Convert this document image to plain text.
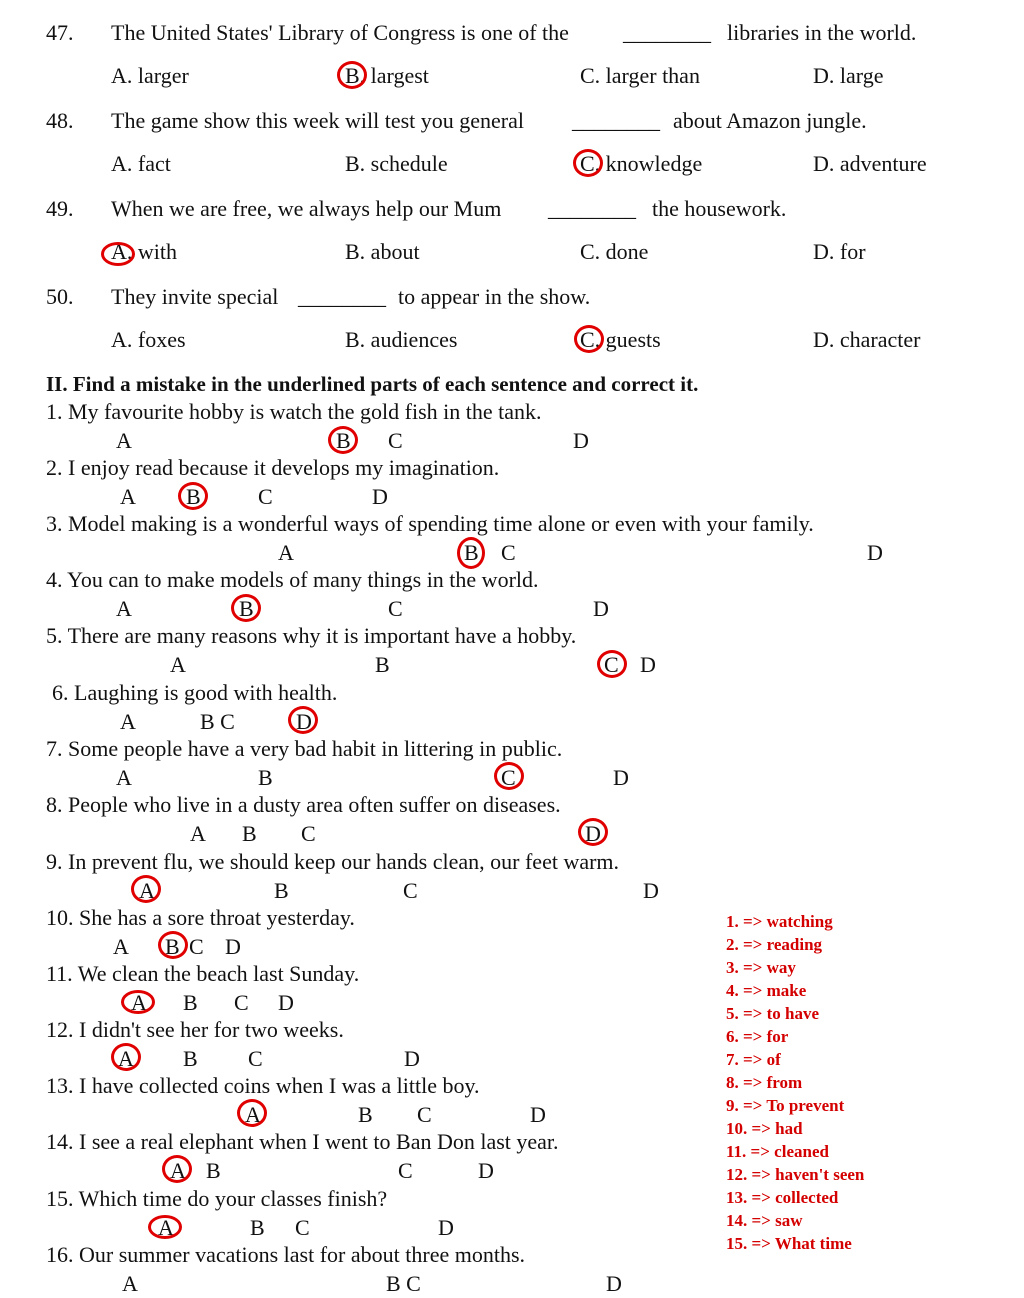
47. The United States' Library of Congress is one of the ________ libraries in the world.
A. larger	B. largest	C. larger than	D. large
48. The game show this week will test you general ________ about Amazon jungle.
A. fact	B. schedule	C. knowledge	D. adventure
49. When we are free, we always help our Mum ________ the housework.
A. with	B. about	C. done	D. for
50. They invite special ________ to appear in the show.
A. foxes	B. audiences	C. guests	D. character
II. Find a mistake in the underlined parts of each sentence and correct it.
1. My favourite hobby is watch the gold fish in the tank.
A	B C	D
2. I enjoy read because it develops my imagination.
A B	C	D
3. Model making is a wonderful ways of spending time alone or even with your family.
A	B C	D
4. You can to make models of many things in the world.
A	B	C	D
5. There are many reasons why it is important have a hobby.
A	B	C D
6. Laughing is good with health.
A	B C	D
7. Some people have a very bad habit in littering in public.
A	B	C	D
8. People who live in a dusty area often suffer on diseases.
A B C	D
9. In prevent flu, we should keep our hands clean, our feet warm.
A	B	C	D
10. She has a sore throat yesterday.
A B C D
11. We clean the beach last Sunday.
A B C D
12. I didn't see her for two weeks.
A B C	D
13. I have collected coins when I was a little boy.
A	B C	D
14. I see a real elephant when I went to Ban Don last year.
A B	C	D
15. Which time do your classes finish?
A	B C	D
16. Our summer vacations last for about three months.
A	B C	D
1. => watching
2. => reading
3. => way
4. => make
5. => to have
6. => for
7. => of
8. => from
9. => To prevent
10. => had
11. => cleaned
12. => haven't seen
13. => collected
14. => saw
15. => What time
